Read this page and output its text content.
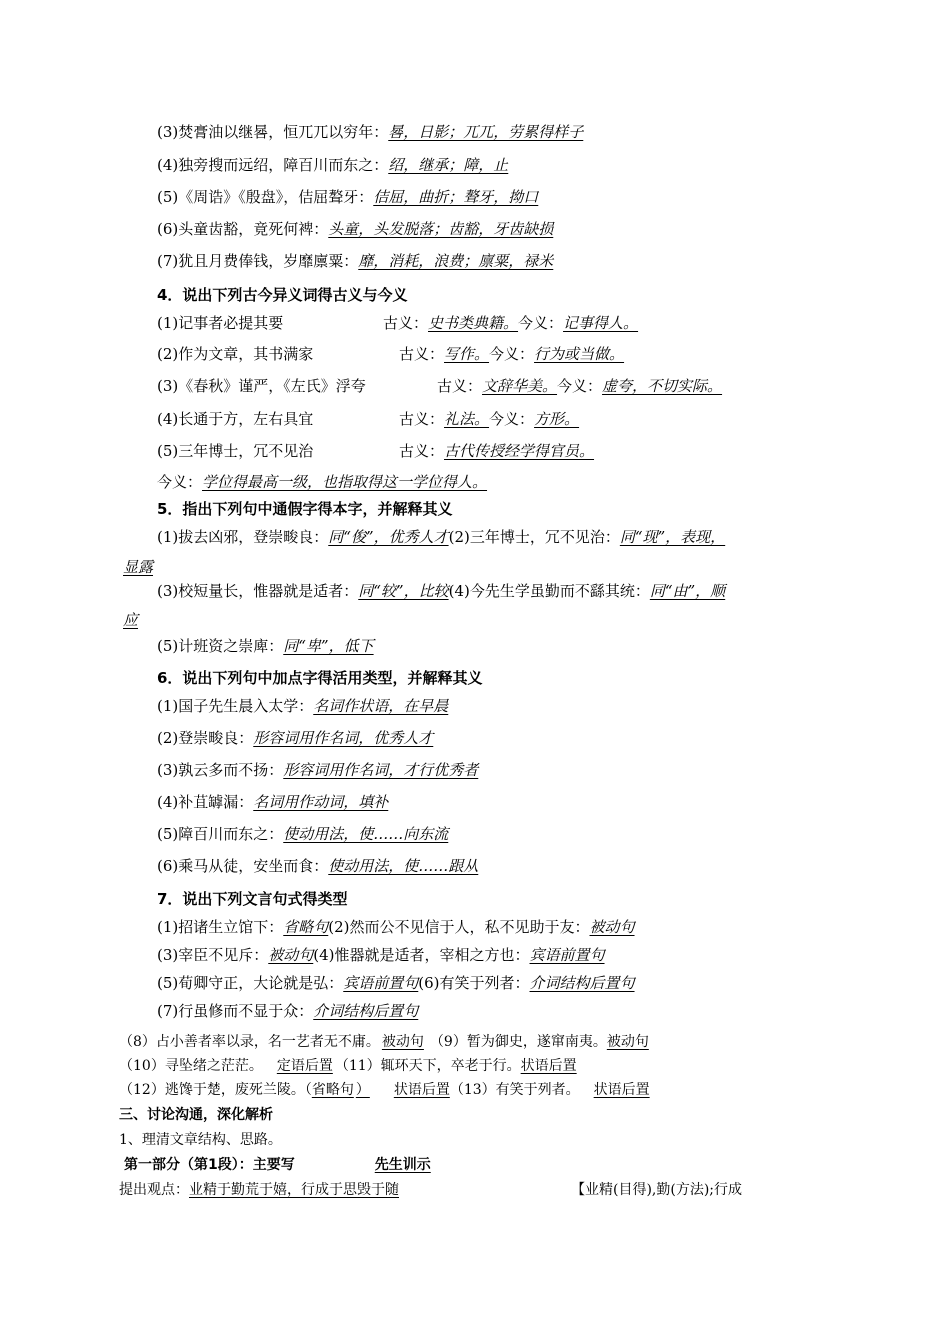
(3)焚膏油以继晷，恒兀兀以穷年：晷，日影；兀兀，劳累得样子
(4)独旁搜而远绍，障百川而东之：绍，继承；障，止
(5)《周诰》《殷盘》，佶屈聱牙：佶屈，曲折；聱牙，拗口
(6)头童齿豁，竟死何裨：头童，头发脱落；齿豁，牙齿缺损
(7)犹且月费俸钱，岁靡廪粟：靡，消耗，浪费；廪粟，禄米
4．说出下列古今异义词得古义与今义
(1)记事者必提其要	古义：史书类典籍。今义：记事得人。
(2)作为文章，其书满家	古义：写作。今义：行为或当做。
(3)《春秋》谨严，《左氏》浮夸	古义：文辞华美。今义：虚夸，不切实际。
(4)长通于方，左右具宜	古义：礼法。今义：方形。
(5)三年博士，冗不见治	古义：古代传授经学得官员。
今义：学位得最高一级，也指取得这一学位得人。
5．指出下列句中通假字得本字，并解释其义
(1)拔去凶邪，登崇畯良：同“俊”，优秀人才(2)三年博士，冗不见治：同“现”，表现，
显露
(3)校短量长，惟器就是适者：同“较”，比较(4)今先生学虽勤而不繇其统：同“由”，顺
应
(5)计班资之崇庳：同“卑”，低下
6．说出下列句中加点字得活用类型，并解释其义
(1)国子先生晨入太学：名词作状语，在早晨
(2)登崇畯良：形容词用作名词，优秀人才
(3)孰云多而不扬：形容词用作名词，才行优秀者
(4)补苴罅漏：名词用作动词，填补
(5)障百川而东之：使动用法，使……向东流
(6)乘马从徒，安坐而食：使动用法，使……跟从
7．说出下列文言句式得类型
(1)招诸生立馆下：省略句(2)然而公不见信于人，私不见助于友：被动句
(3)宰臣不见斥：被动句(4)惟器就是适者，宰相之方也：宾语前置句
(5)荀卿守正，大论就是弘：宾语前置句(6)有笑于列者：介词结构后置句
(7)行虽修而不显于众：介词结构后置句
（8）占小善者率以录，名一艺者无不庸。 被动句 （9）暂为御史，遂窜南夷。被动句
（10）寻坠绪之茫茫。 定语后置 （11）辄环天下，卒老于行。状语后置
（12）逃馋于楚，废死兰陵。（省略句 ） 状语后置（13）有笑于列者。 状语后置
三、讨论沟通，深化解析
1、理清文章结构、思路。
第一部分（第1段）：主要写	先生训示
提出观点：业精于勤荒于嬉，行成于思毁于随	【业精(目得),勤(方法);行成
